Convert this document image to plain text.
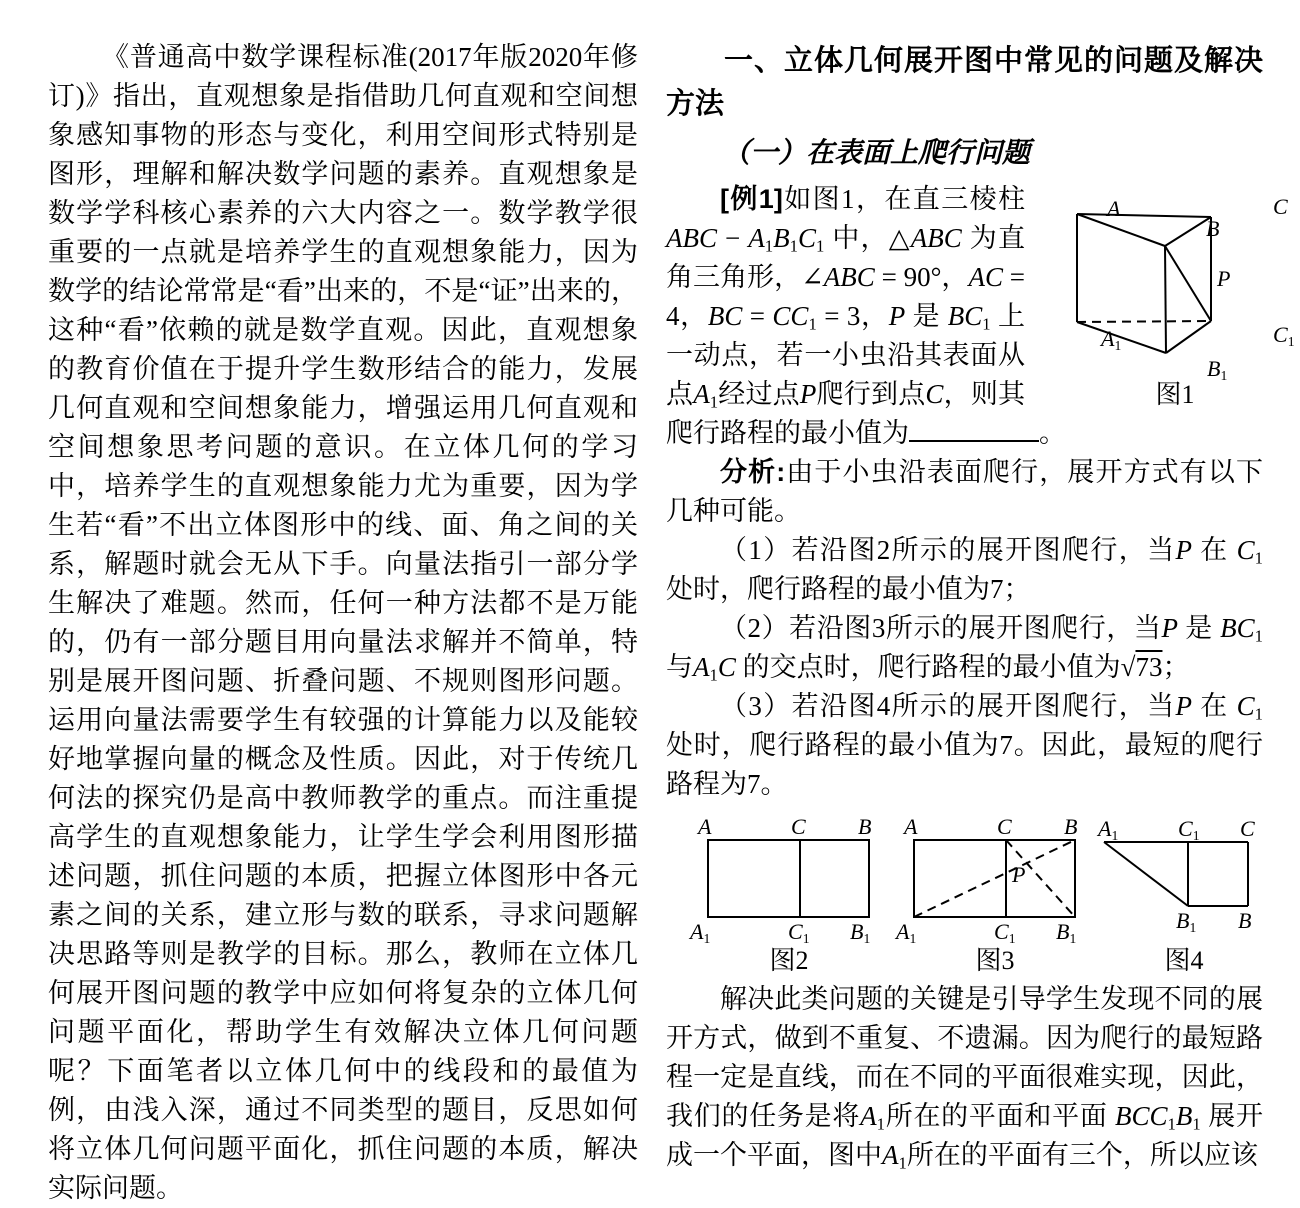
《普通高中数学课程标准(2017年版2020年修订)》指出，直观想象是指借助几何直观和空间想象感知事物的形态与变化，利用空间形式特别是图形，理解和解决数学问题的素养。直观想象是数学学科核心素养的六大内容之一。数学教学很重要的一点就是培养学生的直观想象能力，因为数学的结论常常是“看”出来的，不是“证”出来的，这种“看”依赖的就是数学直观。因此，直观想象的教育价值在于提升学生数形结合的能力，发展几何直观和空间想象能力，增强运用几何直观和空间想象思考问题的意识。在立体几何的学习中，培养学生的直观想象能力尤为重要，因为学生若“看”不出立体图形中的线、面、角之间的关系，解题时就会无从下手。向量法指引一部分学生解决了难题。然而，任何一种方法都不是万能的，仍有一部分题目用向量法求解并不简单，特别是展开图问题、折叠问题、不规则图形问题。运用向量法需要学生有较强的计算能力以及能较好地掌握向量的概念及性质。因此，对于传统几何法的探究仍是高中教师教学的重点。而注重提高学生的直观想象能力，让学生学会利用图形描述问题，抓住问题的本质，把握立体图形中各元素之间的关系，建立形与数的联系，寻求问题解决思路等则是教学的目标。那么，教师在立体几何展开图问题的教学中应如何将复杂的立体几何问题平面化，帮助学生有效解决立体几何问题呢？下面笔者以立体几何中的线段和的最值为例，由浅入深，通过不同类型的题目，反思如何将立体几何问题平面化，抓住问题的本质，解决实际问题。

一、立体几何展开图中常见的问题及解决方法
（一）在表面上爬行问题

A	C
B
P
$A_1$	$C_1$
$B_1$
图1
[例1]如图1，在直三棱柱 ABC − $A_1B_1C_1$ 中，△ABC 为直角三角形，∠ABC = 90°，AC = 4，BC = $CC_1 = 3$，P 是 $BC_1$ 上一动点，若一小虫沿其表面从点$A_1$经过点P爬行到点C，则其爬行路程的最小值为	。

分析:由于小虫沿表面爬行，展开方式有以下几种可能。

（1）若沿图2所示的展开图爬行，当P 在 $C_1$ 处时，爬行路程的最小值为7；

（2）若沿图3所示的展开图爬行，当P 是 $BC_1$ 与$A_1C$ 的交点时，爬行路程的最小值为√73；

（3）若沿图4所示的展开图爬行，当P 在 $C_1$ 处时，爬行路程的最小值为7。因此，最短的爬行路程为7。

A	C B
$A_1$	$C_1$ $B_1$
图2
A	C B
P
$A_1$	$C_1$ $B_1$
图3
$A_1$	$C_1$ C
$B_1$ B
图4

解决此类问题的关键是引导学生发现不同的展开方式，做到不重复、不遗漏。因为爬行的最短路程一定是直线，而在不同的平面很难实现，因此，我们的任务是将$A_1$所在的平面和平面 $BCC_1B_1$ 展开成一个平面，图中$A_1$所在的平面有三个，所以应该
